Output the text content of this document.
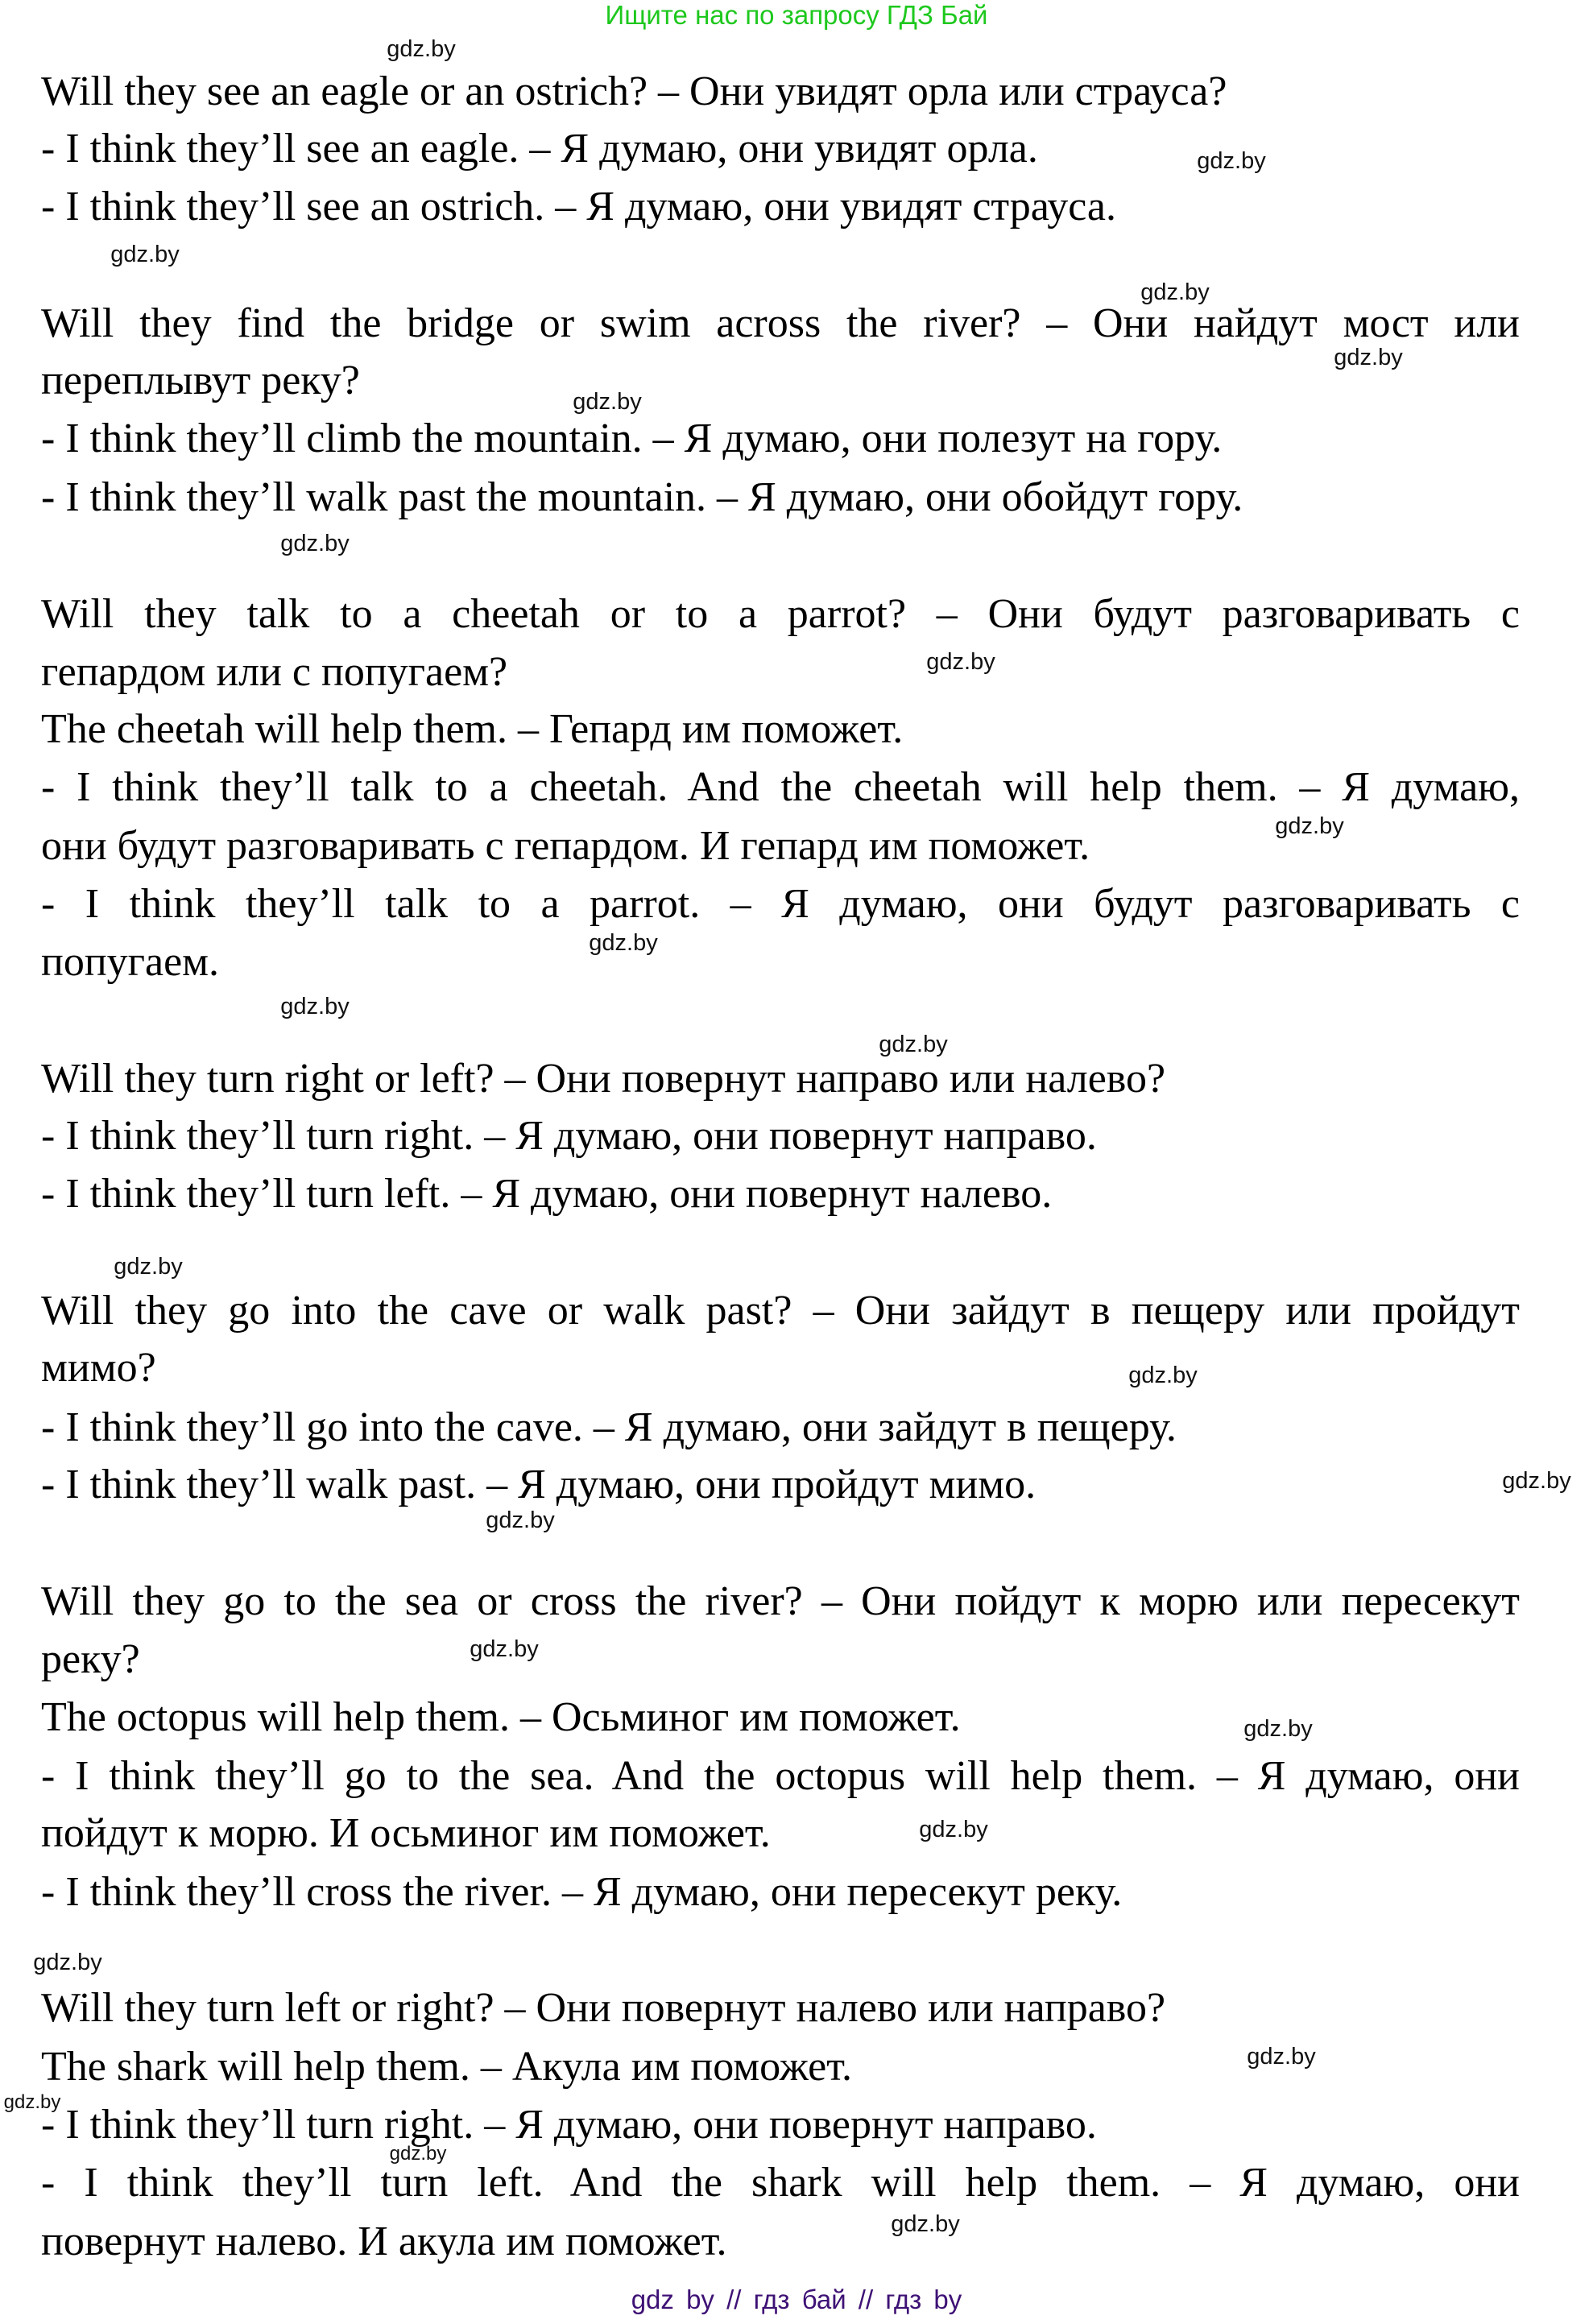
Ищите нас по запросу ГДЗ Бай
Will they see an eagle or an ostrich? – Они увидят орла или страуса?
- I think they’ll see an eagle. – Я думаю, они увидят орла.
- I think they’ll see an ostrich. – Я думаю, они увидят страуса.
Will they find the bridge or swim across the river? – Они найдут мост или
переплывут реку?
- I think they’ll climb the mountain. – Я думаю, они полезут на гору.
- I think they’ll walk past the mountain. – Я думаю, они обойдут гору.
Will they talk to a cheetah or to a parrot? – Они будут разговаривать с
гепардом или с попугаем?
The cheetah will help them. – Гепард им поможет.
- I think they’ll talk to a cheetah. And the cheetah will help them. – Я думаю,
они будут разговаривать с гепардом. И гепард им поможет.
- I think they’ll talk to a parrot. – Я думаю, они будут разговаривать с
попугаем.
Will they turn right or left? – Они повернут направо или налево?
- I think they’ll turn right. – Я думаю, они повернут направо.
- I think they’ll turn left. – Я думаю, они повернут налево.
Will they go into the cave or walk past? – Они зайдут в пещеру или пройдут
мимо?
- I think they’ll go into the cave. – Я думаю, они зайдут в пещеру.
- I think they’ll walk past. – Я думаю, они пройдут мимо.
Will they go to the sea or cross the river? – Они пойдут к морю или пересекут
реку?
The octopus will help them. – Осьминог им поможет.
- I think they’ll go to the sea. And the octopus will help them. – Я думаю, они
пойдут к морю. И осьминог им поможет.
- I think they’ll cross the river. – Я думаю, они пересекут реку.
Will they turn left or right? – Они повернут налево или направо?
The shark will help them. – Акула им поможет.
- I think they’ll turn right. – Я думаю, они повернут направо.
- I think they’ll turn left. And the shark will help them. – Я думаю, они
повернут налево. И акула им поможет.
gdz.by
gdz.by
gdz.by
gdz.by
gdz.by
gdz.by
gdz.by
gdz.by
gdz.by
gdz.by
gdz.by
gdz.by
gdz.by
gdz.by
gdz.by
gdz.by
gdz.by
gdz.by
gdz.by
gdz.by
gdz.by
gdz.by
gdz.by
gdz.by
gdz by // гдз бай // гдз by
